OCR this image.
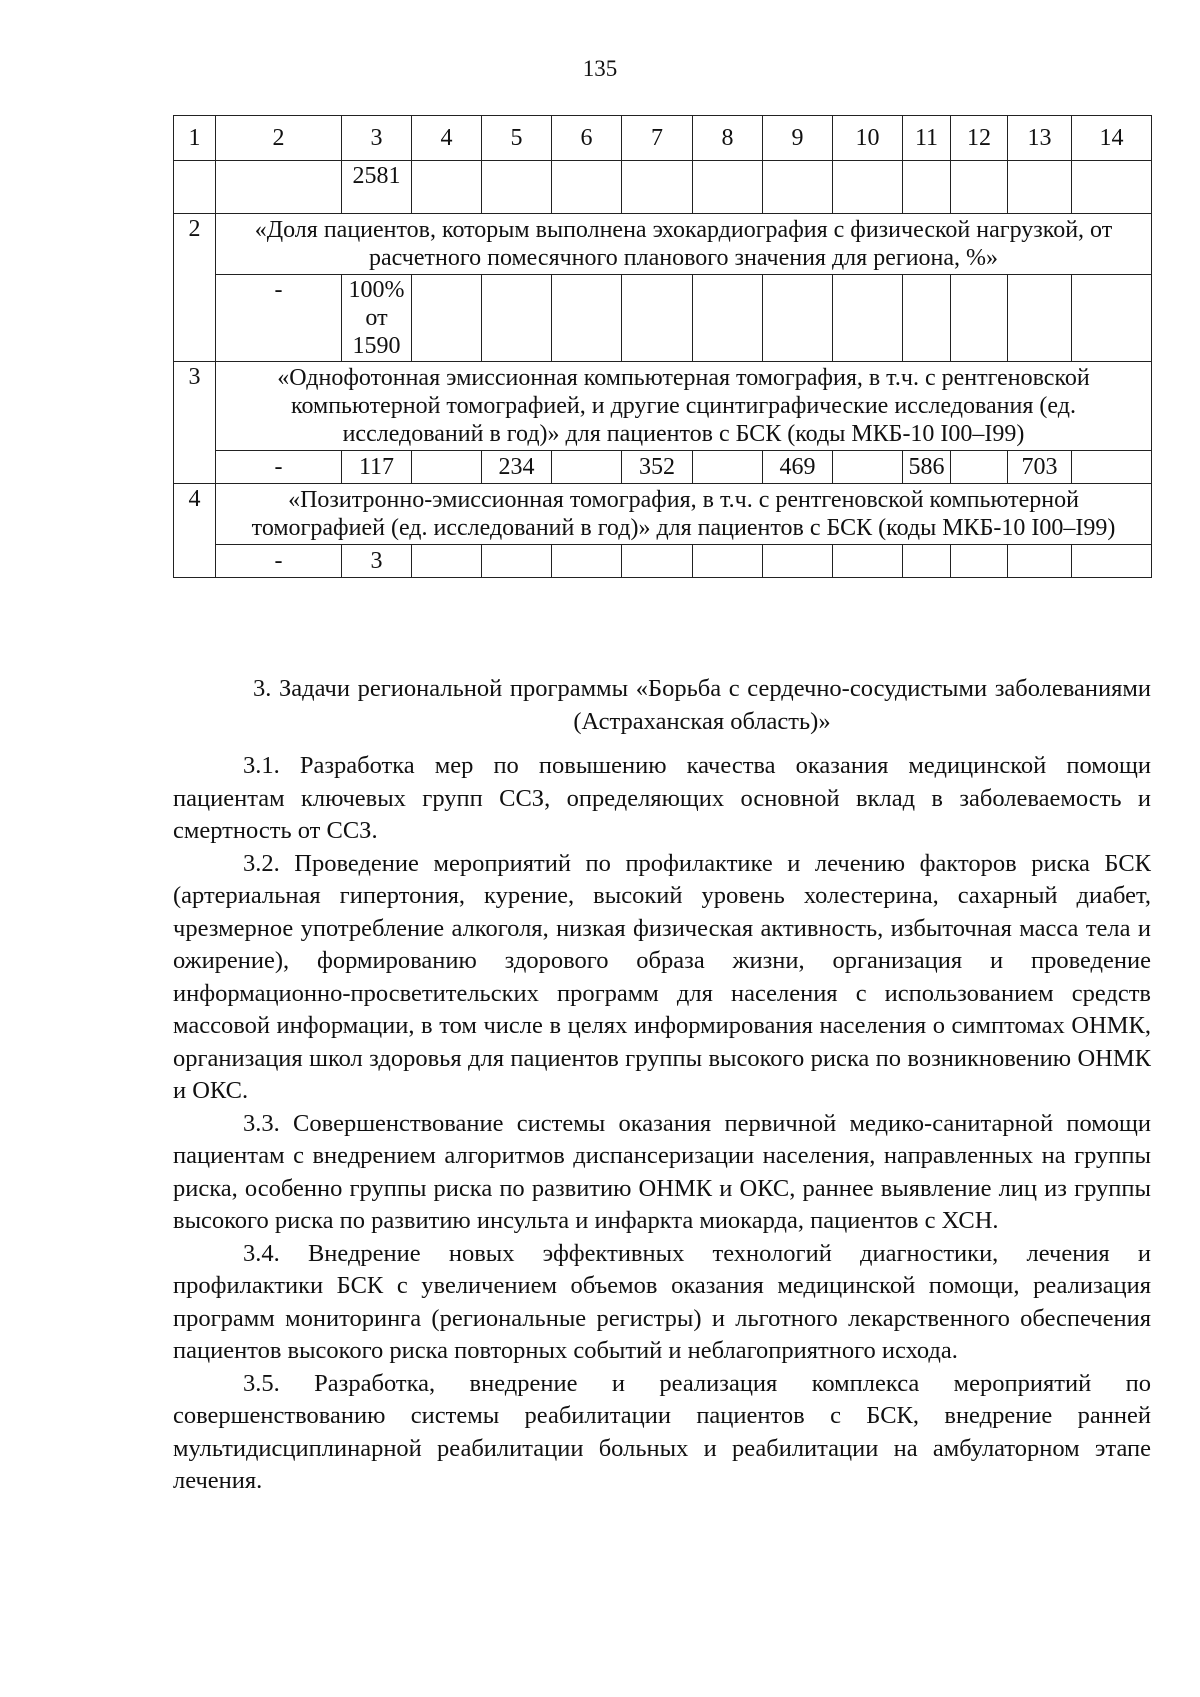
135
1	2	3	4	5	6	7	8	9	10	11	12	13	14
		2581											
2	«Доля пациентов, которым выполнена эхокардиография с физической нагрузкой, от расчетного помесячного планового значения для региона, %»												
	-	100% от 1590											
3	«Однофотонная эмиссионная компьютерная томография, в т.ч. с рентгеновской компьютерной томографией, и другие сцинтиграфические исследования (ед. исследований в год)» для пациентов с БСК (коды МКБ-10 I00–I99)												
	-	117		234		352		469		586		703	
4	«Позитронно-эмиссионная томография, в т.ч. с рентгеновской компьютерной томографией (ед. исследований в год)» для пациентов с БСК (коды МКБ-10 I00–I99)												
	-	3											

3. Задачи региональной программы «Борьба с сердечно-сосудистыми заболеваниями (Астраханская область)»

3.1. Разработка мер по повышению качества оказания медицинской помощи пациентам ключевых групп ССЗ, определяющих основной вклад в заболеваемость и смертность от ССЗ.

3.2. Проведение мероприятий по профилактике и лечению факторов риска БСК (артериальная гипертония, курение, высокий уровень холестерина, сахарный диабет, чрезмерное употребление алкоголя, низкая физическая активность, избыточная масса тела и ожирение), формированию здорового образа жизни, организация и проведение информационно-просветительских программ для населения с использованием средств массовой информации, в том числе в целях информирования населения о симптомах ОНМК, организация школ здоровья для пациентов группы высокого риска по возникновению ОНМК и ОКС.

3.3. Совершенствование системы оказания первичной медико-санитарной помощи пациентам с внедрением алгоритмов диспансеризации населения, направленных на группы риска, особенно группы риска по развитию ОНМК и ОКС, раннее выявление лиц из группы высокого риска по развитию инсульта и инфаркта миокарда, пациентов с ХСН.

3.4. Внедрение новых эффективных технологий диагностики, лечения и профилактики БСК с увеличением объемов оказания медицинской помощи, реализация программ мониторинга (региональные регистры) и льготного лекарственного обеспечения пациентов высокого риска повторных событий и неблагоприятного исхода.

3.5. Разработка, внедрение и реализация комплекса мероприятий по совершенствованию системы реабилитации пациентов с БСК, внедрение ранней мультидисциплинарной реабилитации больных и реабилитации на амбулаторном этапе лечения.
